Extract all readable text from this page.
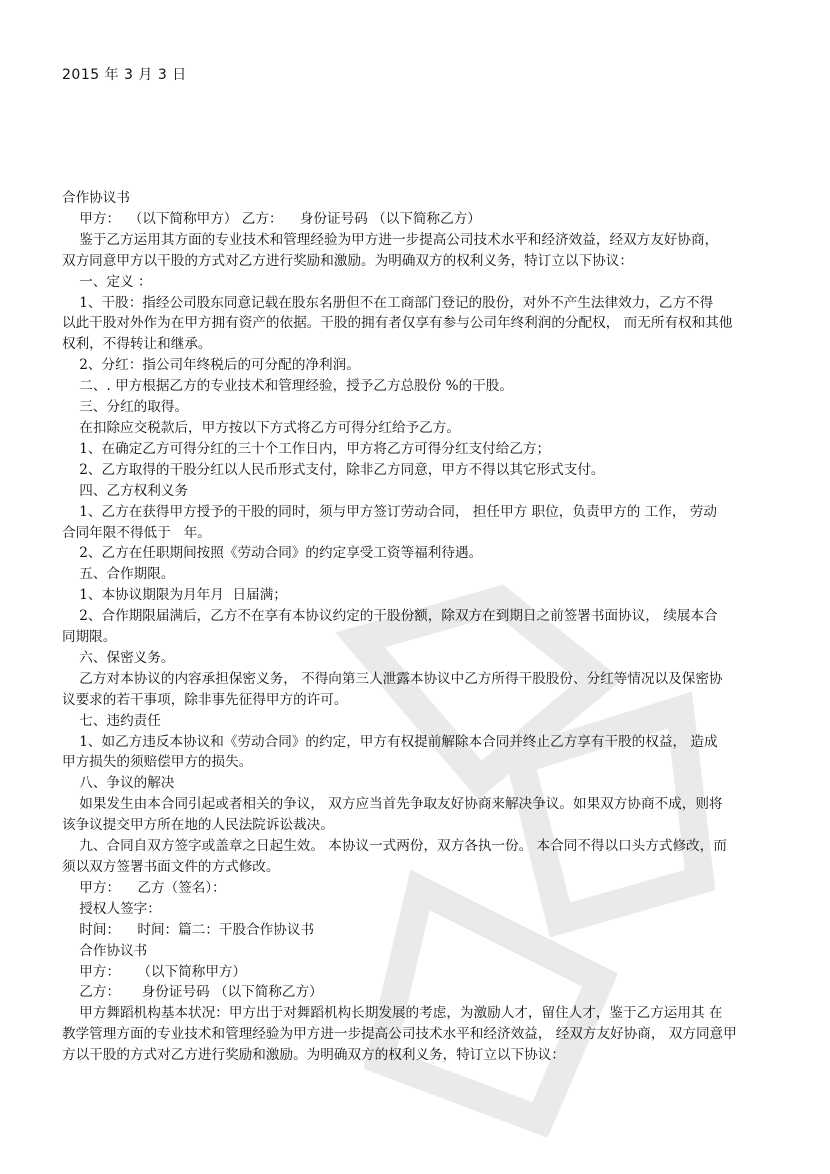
2015 年 3 月 3 日
合作协议书
甲方：  （以下简称甲方） 乙方：    身份证号码 （以下简称乙方）
鉴于乙方运用其方面的专业技术和管理经验为甲方进一步提高公司技术水平和经济效益，经双方友好协商，
双方同意甲方以干股的方式对乙方进行奖励和激励。为明确双方的权利义务，特订立以下协议：
一、定义 ：
1、干股：指经公司股东同意记载在股东名册但不在工商部门登记的股份，对外不产生法律效力，乙方不得
以此干股对外作为在甲方拥有资产的依据。干股的拥有者仅享有参与公司年终利润的分配权， 而无所有权和其他
权利，不得转让和继承。
2、分红：指公司年终税后的可分配的净利润。
二、. 甲方根据乙方的专业技术和管理经验，授予乙方总股份 %的干股。
三、分红的取得。
在扣除应交税款后，甲方按以下方式将乙方可得分红给予乙方。
1、在确定乙方可得分红的三十个工作日内，甲方将乙方可得分红支付给乙方；
2、乙方取得的干股分红以人民币形式支付，除非乙方同意，甲方不得以其它形式支付。
四、乙方权利义务
1、乙方在获得甲方授予的干股的同时，须与甲方签订劳动合同， 担任甲方 职位，负责甲方的 工作， 劳动
合同年限不得低于   年。
2、乙方在任职期间按照《劳动合同》的约定享受工资等福利待遇。
五、合作期限。
1、本协议期限为月年月  日届满；
2、合作期限届满后，乙方不在享有本协议约定的干股份额，除双方在到期日之前签署书面协议， 续展本合
同期限。
六、保密义务。
乙方对本协议的内容承担保密义务， 不得向第三人泄露本协议中乙方所得干股股份、分红等情况以及保密协
议要求的若干事项，除非事先征得甲方的许可。
七、违约责任
1、如乙方违反本协议和《劳动合同》的约定，甲方有权提前解除本合同并终止乙方享有干股的权益， 造成
甲方损失的须赔偿甲方的损失。
八、争议的解决
如果发生由本合同引起或者相关的争议， 双方应当首先争取友好协商来解决争议。如果双方协商不成，则将
该争议提交甲方所在地的人民法院诉讼裁决。
九、合同自双方签字或盖章之日起生效。 本协议一式两份，双方各执一份。 本合同不得以口头方式修改，而
须以双方签署书面文件的方式修改。
甲方：    乙方（签名）：
授权人签字：
时间：    时间：篇二：干股合作协议书
合作协议书
甲方：    （以下简称甲方）
乙方：     身份证号码 （以下简称乙方）
甲方舞蹈机构基本状况：甲方出于对舞蹈机构长期发展的考虑，为激励人才，留住人才，鉴于乙方运用其 在
教学管理方面的专业技术和管理经验为甲方进一步提高公司技术水平和经济效益， 经双方友好协商， 双方同意甲
方以干股的方式对乙方进行奖励和激励。为明确双方的权利义务，特订立以下协议：
